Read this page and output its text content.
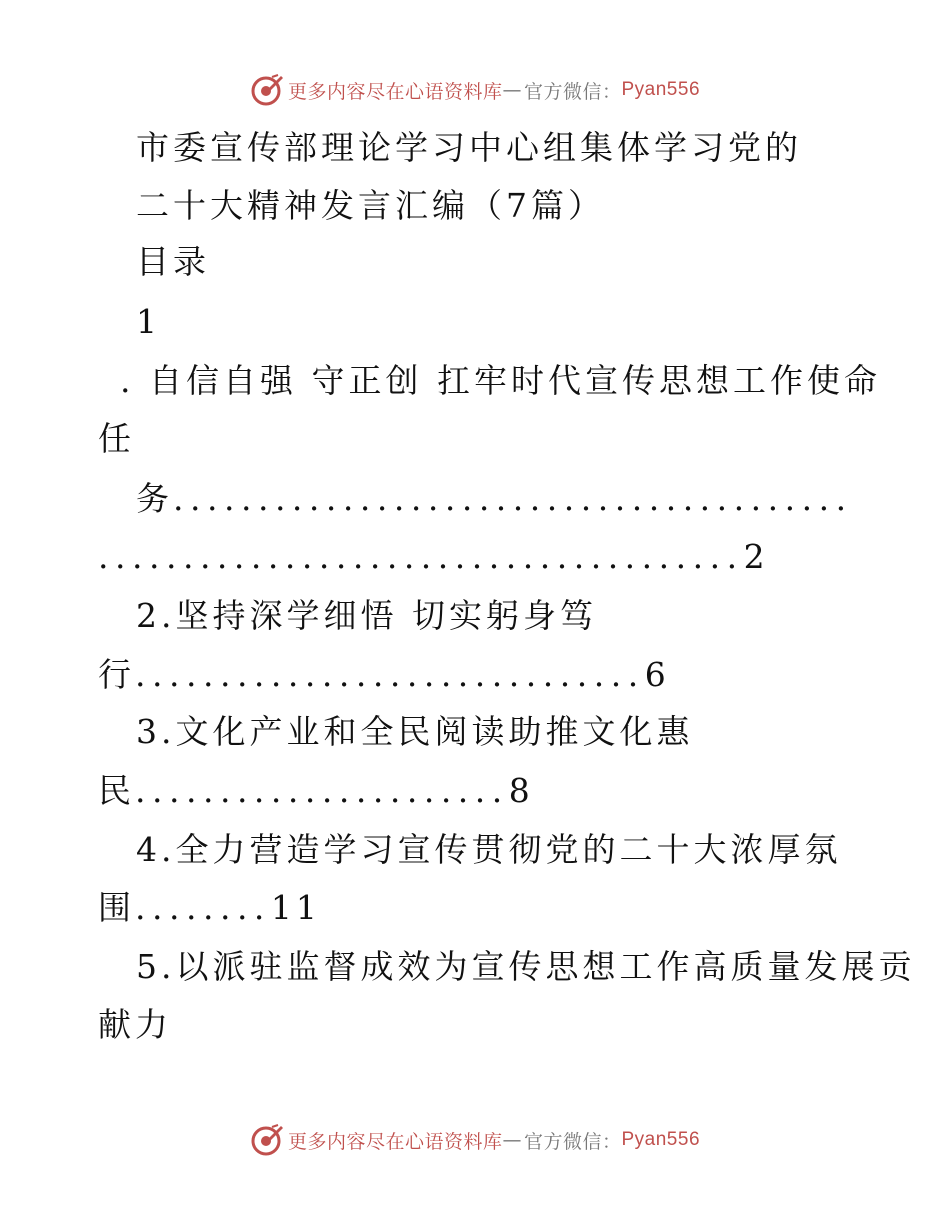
更多内容尽在心语资料库 — 官方微信： Pyan556
市委宣传部理论学习中心组集体学习党的
二十大精神发言汇编（7篇）
目录
1
. 自信自强 守正创 扛牢时代宣传思想工作使命
任
务........................................
......................................2
2.坚持深学细悟 切实躬身笃
行..............................6
3.文化产业和全民阅读助推文化惠
民......................8
4.全力营造学习宣传贯彻党的二十大浓厚氛
围........11
5.以派驻监督成效为宣传思想工作高质量发展贡
献力
更多内容尽在心语资料库 — 官方微信： Pyan556
